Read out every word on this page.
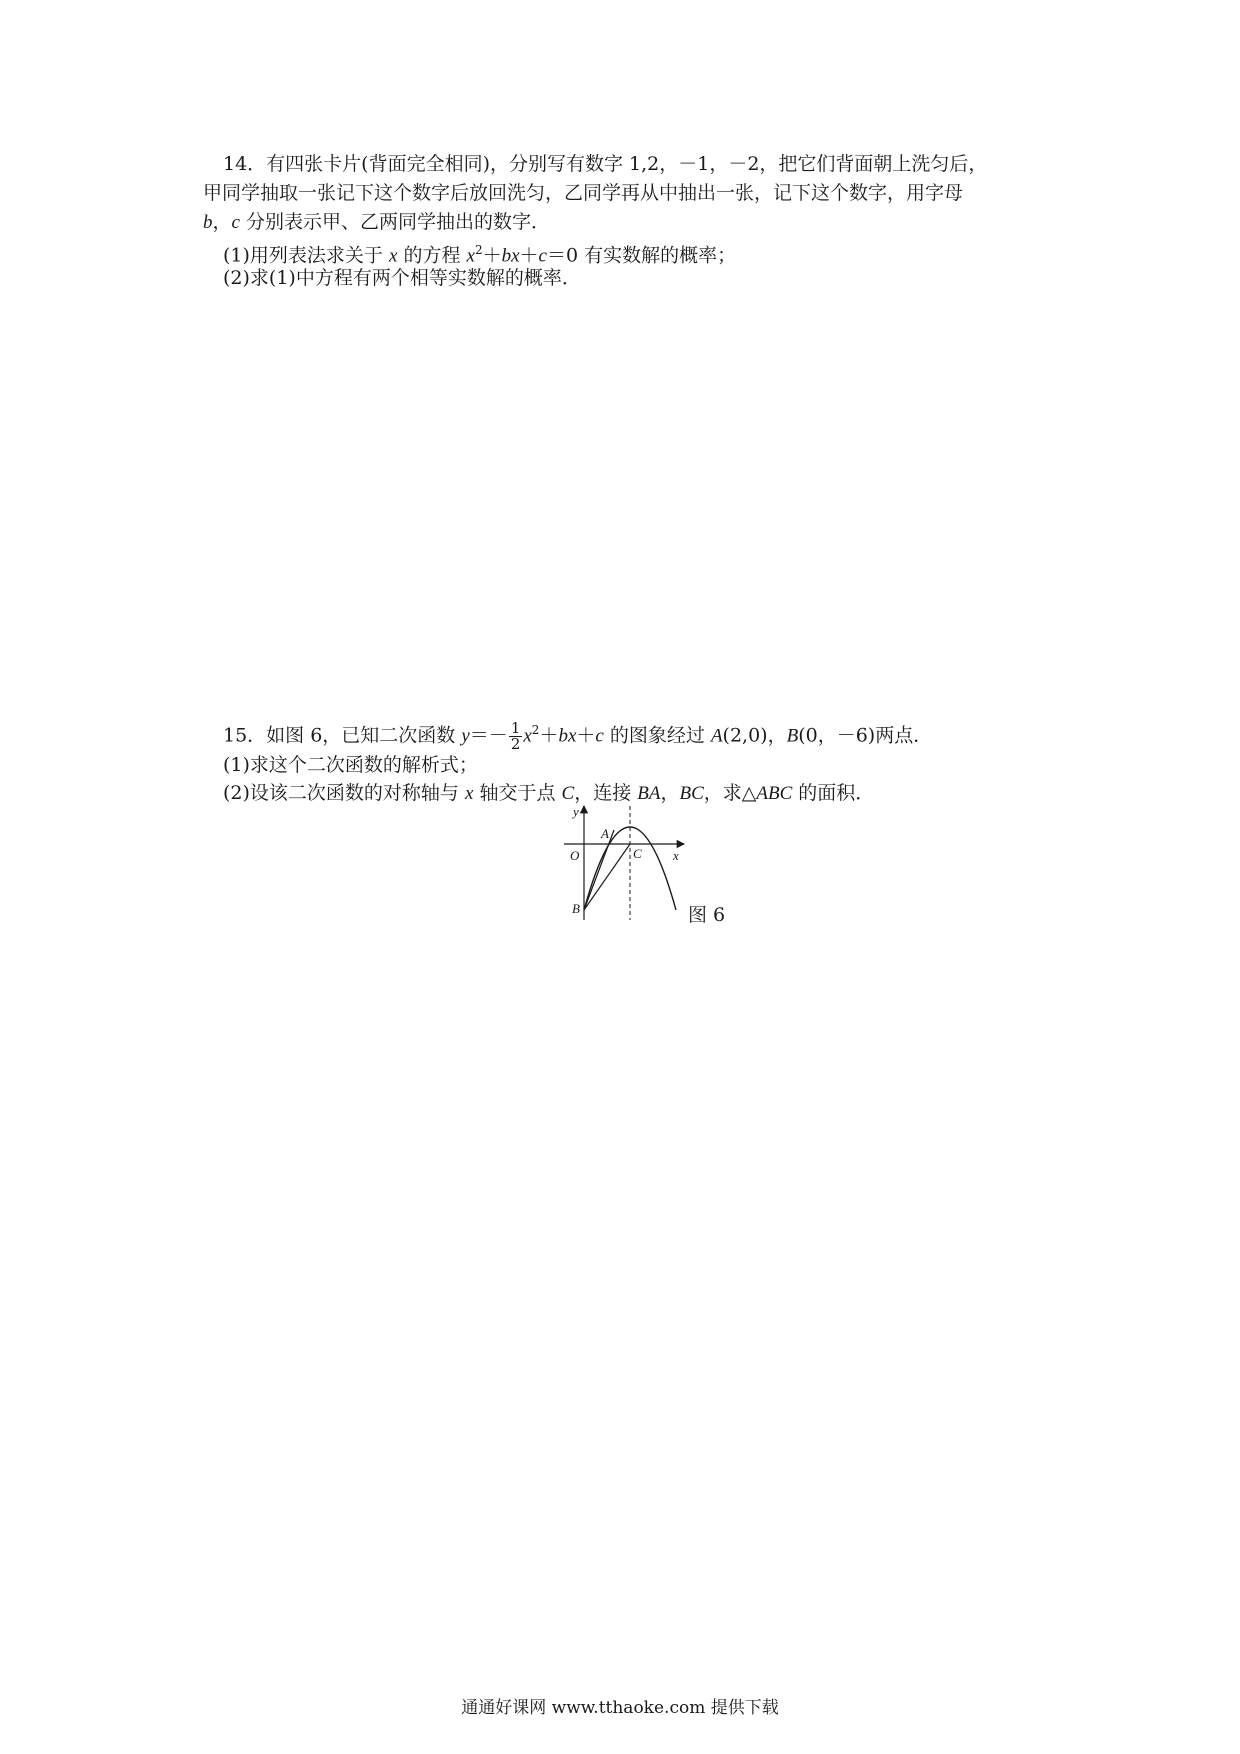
14．有四张卡片(背面完全相同)，分别写有数字 1,2，－1，－2，把它们背面朝上洗匀后，
甲同学抽取一张记下这个数字后放回洗匀，乙同学再从中抽出一张，记下这个数字，用字母
b，c 分别表示甲、乙两同学抽出的数字．
(1)用列表法求关于 x 的方程 $x^2+bx+c=0$ 有实数解的概率；
(2)求(1)中方程有两个相等实数解的概率．
15．如图 6，已知二次函数 $y=- \frac{1}{2} x^2+bx+c$ 的图象经过 A(2,0)，B(0，－6)两点．
(1)求这个二次函数的解析式；
(2)设该二次函数的对称轴与 x 轴交于点 C，连接 BA，BC，求△ABC 的面积．
y
x
O
A
C
B	图 6
通通好课网 www.tthaoke.com 提供下载
